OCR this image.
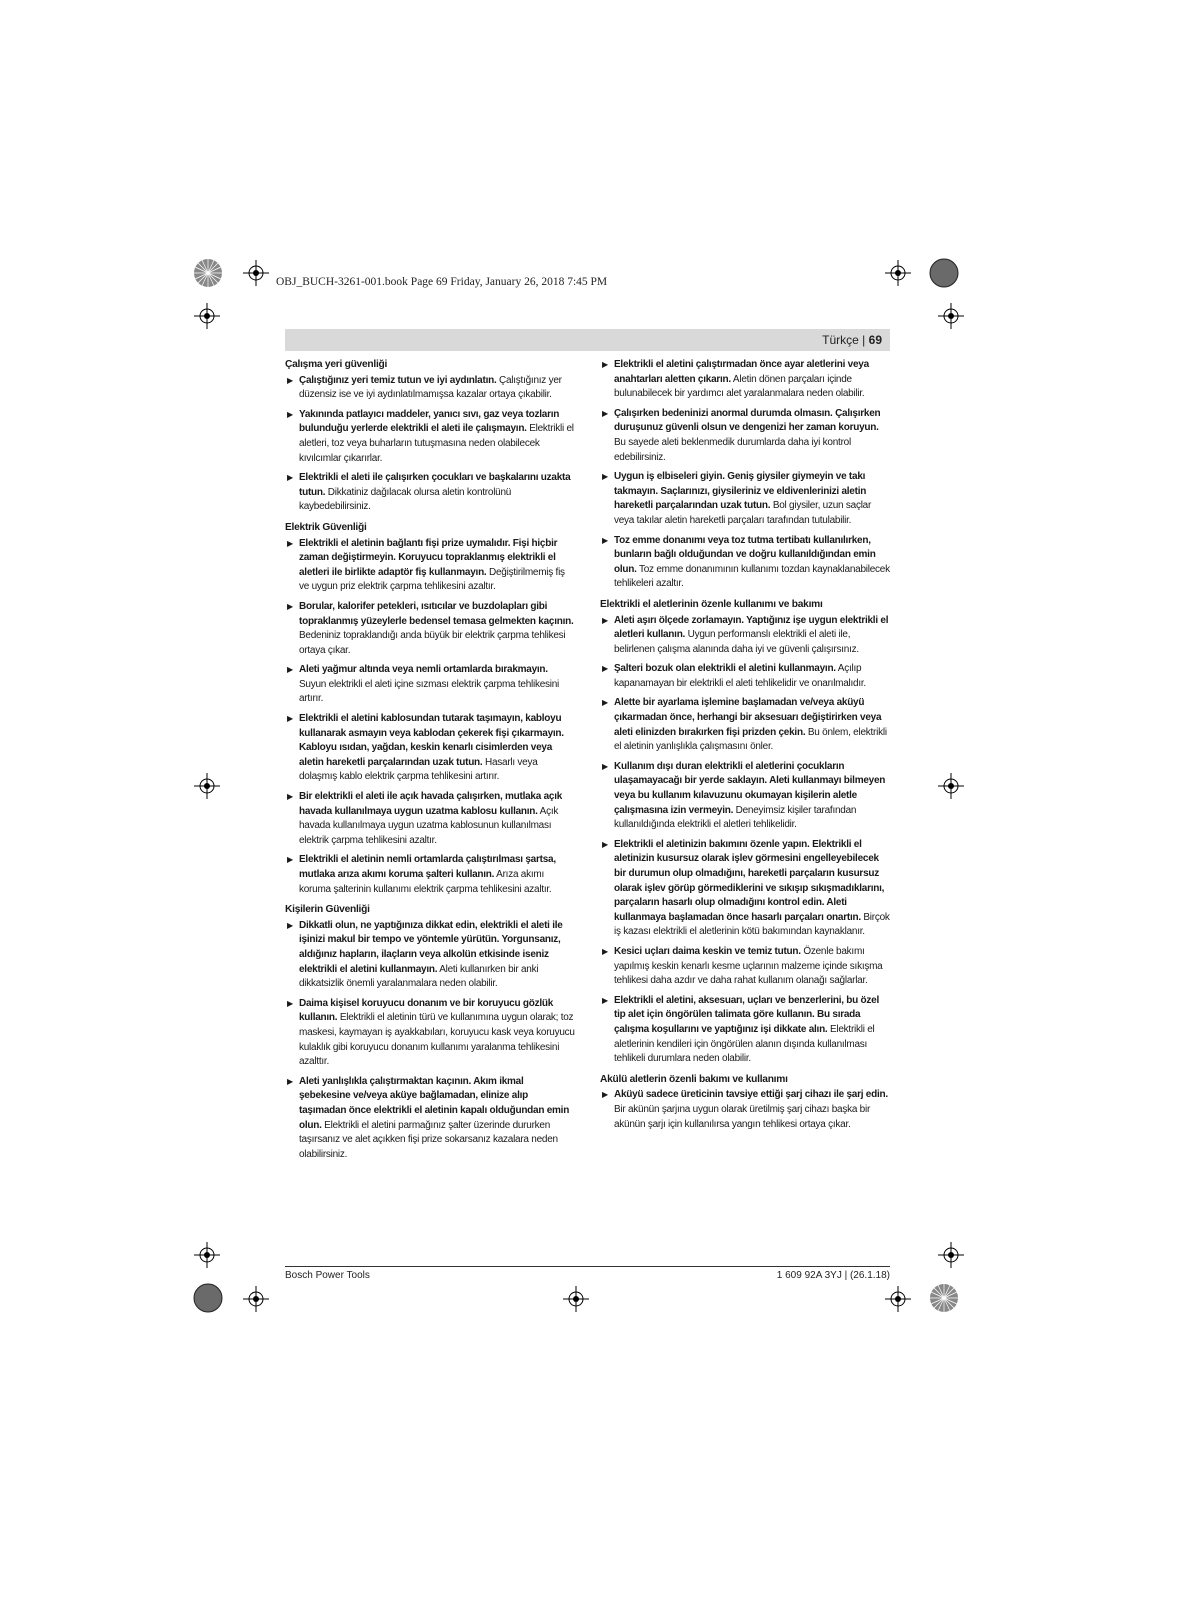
OBJ_BUCH-3261-001.book Page 69 Friday, January 26, 2018 7:45 PM
Türkçe | 69
Çalışma yeri güvenliği
▶ Çalıştığınız yeri temiz tutun ve iyi aydınlatın. Çalıştığınız yer düzensiz ise ve iyi aydınlatılmamışsa kazalar ortaya çıkabilir.
▶ Yakınında patlayıcı maddeler, yanıcı sıvı, gaz veya tozların bulunduğu yerlerde elektrikli el aleti ile çalışmayın. Elektrikli el aletleri, toz veya buharların tutuşmasına neden olabilecek kıvılcımlar çıkarırlar.
▶ Elektrikli el aleti ile çalışırken çocukları ve başkalarını uzakta tutun. Dikkatiniz dağılacak olursa aletin kontrolünü kaybedebilirsiniz.
Elektrik Güvenliği
▶ Elektrikli el aletinin bağlantı fişi prize uymalıdır. Fişi hiçbir zaman değiştirmeyin. Koruyucu topraklanmış elektrikli el aletleri ile birlikte adaptör fiş kullanmayın. Değiştirilmemiş fiş ve uygun priz elektrik çarpma tehlikesini azaltır.
▶ Borular, kalorifer petekleri, ısıtıcılar ve buzdolapları gibi topraklanmış yüzeylerle bedensel temasa gelmekten kaçının. Bedeniniz topraklandığı anda büyük bir elektrik çarpma tehlikesi ortaya çıkar.
▶ Aleti yağmur altında veya nemli ortamlarda bırakmayın. Suyun elektrikli el aleti içine sızması elektrik çarpma tehlikesini artırır.
▶ Elektrikli el aletini kablosundan tutarak taşımayın, kabloyu kullanarak asmayın veya kablodan çekerek fişi çıkarmayın. Kabloyu ısıdan, yağdan, keskin kenarlı cisimlerden veya aletin hareketli parçalarından uzak tutun. Hasarlı veya dolaşmış kablo elektrik çarpma tehlikesini artırır.
▶ Bir elektrikli el aleti ile açık havada çalışırken, mutlaka açık havada kullanılmaya uygun uzatma kablosu kullanın. Açık havada kullanılmaya uygun uzatma kablosunun kullanılması elektrik çarpma tehlikesini azaltır.
▶ Elektrikli el aletinin nemli ortamlarda çalıştırılması şartsa, mutlaka arıza akımı koruma şalteri kullanın. Arıza akımı koruma şalterinin kullanımı elektrik çarpma tehlikesini azaltır.
Kişilerin Güvenliği
▶ Dikkatli olun, ne yaptığınıza dikkat edin, elektrikli el aleti ile işinizi makul bir tempo ve yöntemle yürütün. Yorgunsanız, aldığınız hapların, ilaçların veya alkolün etkisinde iseniz elektrikli el aletini kullanmayın. Aleti kullanırken bir anki dikkatsizlik önemli yaralanmalara neden olabilir.
▶ Daima kişisel koruyucu donanım ve bir koruyucu gözlük kullanın. Elektrikli el aletinin türü ve kullanımına uygun olarak; toz maskesi, kaymayan iş ayakkabıları, koruyucu kask veya koruyucu kulaklık gibi koruyucu donanım kullanımı yaralanma tehlikesini azalttır.
▶ Aleti yanlışlıkla çalıştırmaktan kaçının. Akım ikmal şebekesine ve/veya aküye bağlamadan, elinize alıp taşımadan önce elektrikli el aletinin kapalı olduğundan emin olun. Elektrikli el aletini parmağınız şalter üzerinde dururken taşırsanız ve alet açıkken fişi prize sokarsanız kazalara neden olabilirsiniz.
▶ Elektrikli el aletini çalıştırmadan önce ayar aletlerini veya anahtarları aletten çıkarın. Aletin dönen parçaları içinde bulunabilecek bir yardımcı alet yaralanmalara neden olabilir.
▶ Çalışırken bedeninizi anormal durumda olmasın. Çalışırken duruşunuz güvenli olsun ve dengenizi her zaman koruyun. Bu sayede aleti beklenmedik durumlarda daha iyi kontrol edebilirsiniz.
▶ Uygun iş elbiseleri giyin. Geniş giysiler giymeyin ve takı takmayın. Saçlarınızı, giysileriniz ve eldivenlerinizi aletin hareketli parçalarından uzak tutun. Bol giysiler, uzun saçlar veya takılar aletin hareketli parçaları tarafından tutulabilir.
▶ Toz emme donanımı veya toz tutma tertibatı kullanılırken, bunların bağlı olduğundan ve doğru kullanıldığından emin olun. Toz emme donanımının kullanımı tozdan kaynaklanabilecek tehlikeleri azaltır.
Elektrikli el aletlerinin özenle kullanımı ve bakımı
▶ Aleti aşırı ölçede zorlamayın. Yaptığınız işe uygun elektrikli el aletleri kullanın. Uygun performanslı elektrikli el aleti ile, belirlenen çalışma alanında daha iyi ve güvenli çalışırsınız.
▶ Şalteri bozuk olan elektrikli el aletini kullanmayın. Açılıp kapanamayan bir elektrikli el aleti tehlikelidir ve onarılmalıdır.
▶ Alette bir ayarlama işlemine başlamadan ve/veya aküyü çıkarmadan önce, herhangi bir aksesuarı değiştirirken veya aleti elinizden bırakırken fişi prizden çekin. Bu önlem, elektrikli el aletinin yanlışlıkla çalışmasını önler.
▶ Kullanım dışı duran elektrikli el aletlerini çocukların ulaşamayacağı bir yerde saklayın. Aleti kullanmayı bilmeyen veya bu kullanım kılavuzunu okumayan kişilerin aletle çalışmasına izin vermeyin. Deneyimsiz kişiler tarafından kullanıldığında elektrikli el aletleri tehlikelidir.
▶ Elektrikli el aletinizin bakımını özenle yapın. Elektrikli el aletinizin kusursuz olarak işlev görmesini engelleyebilecek bir durumun olup olmadığını, hareketli parçaların kusursuz olarak işlev görüp görmediklerini ve sıkışıp sıkışmadıklarını, parçaların hasarlı olup olmadığını kontrol edin. Aleti kullanmaya başlamadan önce hasarlı parçaları onartın. Birçok iş kazası elektrikli el aletlerinin kötü bakımından kaynaklanır.
▶ Kesici uçları daima keskin ve temiz tutun. Özenle bakımı yapılmış keskin kenarlı kesme uçlarının malzeme içinde sıkışma tehlikesi daha azdır ve daha rahat kullanım olanağı sağlarlar.
▶ Elektrikli el aletini, aksesuarı, uçları ve benzerlerini, bu özel tip alet için öngörülen talimata göre kullanın. Bu sırada çalışma koşullarını ve yaptığınız işi dikkate alın. Elektrikli el aletlerinin kendileri için öngörülen alanın dışında kullanılması tehlikeli durumlara neden olabilir.
Akülü aletlerin özenli bakımı ve kullanımı
▶ Aküyü sadece üreticinin tavsiye ettiği şarj cihazı ile şarj edin. Bir akünün şarjına uygun olarak üretilmiş şarj cihazı başka bir akünün şarjı için kullanılırsa yangın tehlikesi ortaya çıkar.
Bosch Power Tools	1 609 92A 3YJ | (26.1.18)
